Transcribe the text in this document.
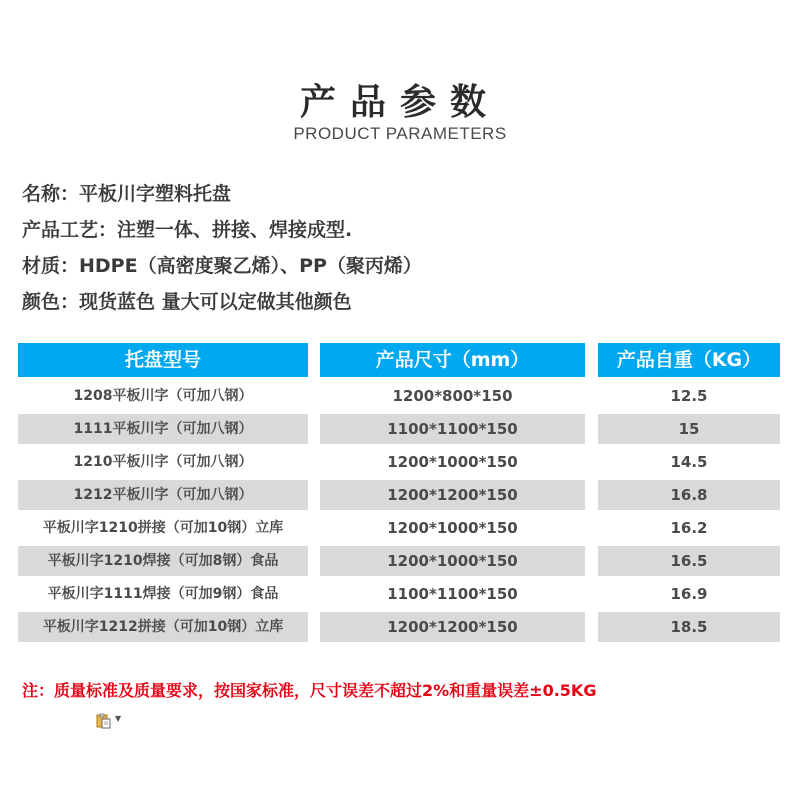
产品参数
PRODUCT PARAMETERS
名称：平板川字塑料托盘
产品工艺：注塑一体、拼接、焊接成型.
材质：HDPE（高密度聚乙烯）、PP（聚丙烯）
颜色：现货蓝色 量大可以定做其他颜色
托盘型号	产品尺寸（mm）	产品自重（KG）
1208平板川字（可加八钢）	1200*800*150	12.5
1111平板川字（可加八钢）	1100*1100*150	15
1210平板川字（可加八钢）	1200*1000*150	14.5
1212平板川字（可加八钢）	1200*1200*150	16.8
平板川字1210拼接（可加10钢）立库	1200*1000*150	16.2
平板川字1210焊接（可加8钢）食品	1200*1000*150	16.5
平板川字1111焊接（可加9钢）食品	1100*1100*150	16.9
平板川字1212拼接（可加10钢）立库	1200*1200*150	18.5
注：质量标准及质量要求，按国家标准，尺寸误差不超过2%和重量误差±0.5KG
▼
